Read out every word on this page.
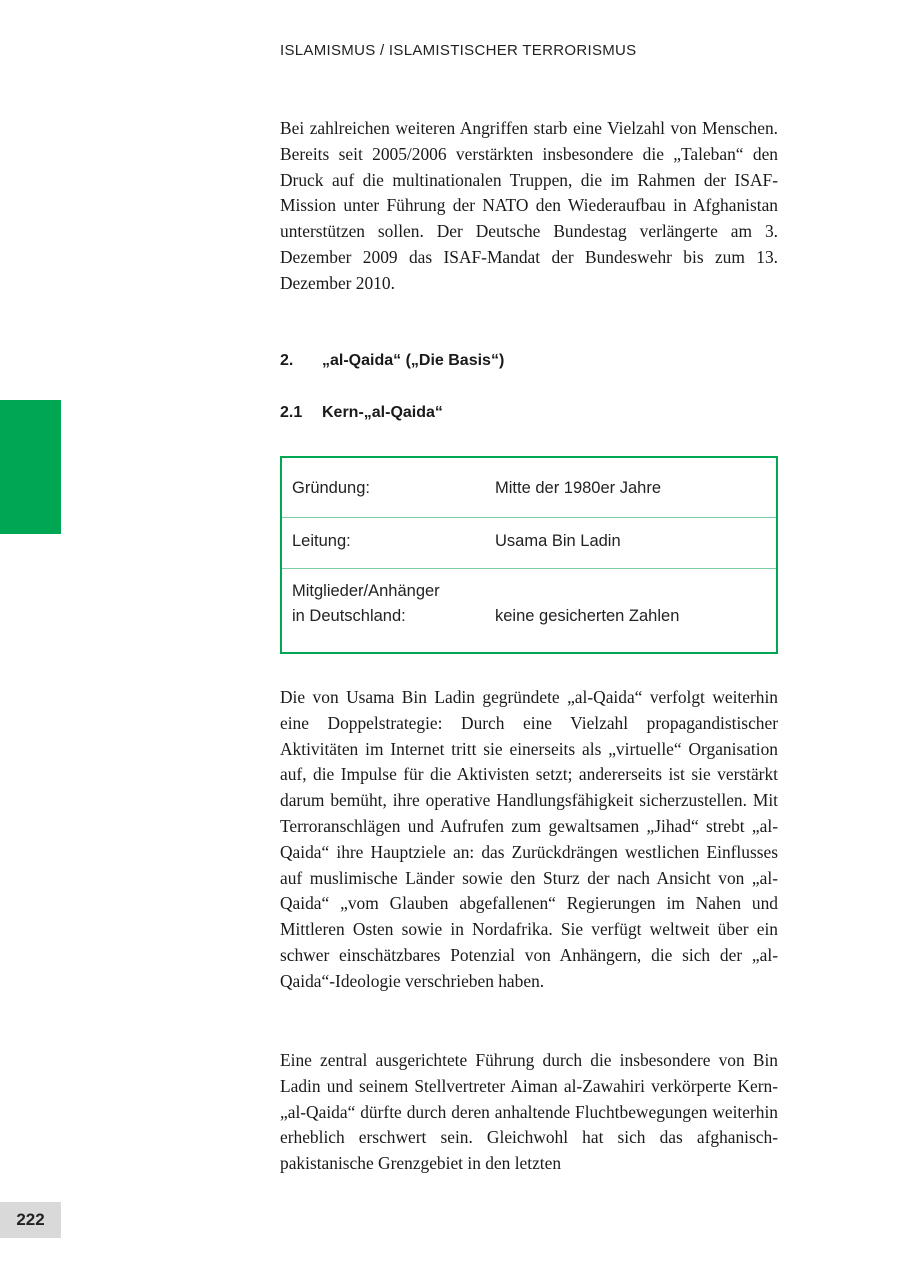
ISLAMISMUS / ISLAMISTISCHER TERRORISMUS

Bei zahlreichen weiteren Angriffen starb eine Vielzahl von Menschen. Bereits seit 2005/2006 verstärkten insbesondere die „Taleban“ den Druck auf die multinationalen Truppen, die im Rahmen der ISAF-Mission unter Führung der NATO den Wiederaufbau in Afghanistan unterstützen sollen. Der Deutsche Bundestag verlängerte am 3. Dezember 2009 das ISAF-Mandat der Bundeswehr bis zum 13. Dezember 2010.

2.	„al-Qaida“ („Die Basis“)
2.1	Kern-„al-Qaida“
Gründung:	Mitte der 1980er Jahre
Leitung:	Usama Bin Ladin
Mitglieder/Anhänger
in Deutschland:	keine gesicherten Zahlen

Die von Usama Bin Ladin gegründete „al-Qaida“ verfolgt weiterhin eine Doppelstrategie: Durch eine Vielzahl propagandistischer Aktivitäten im Internet tritt sie einerseits als „virtuelle“ Organisation auf, die Impulse für die Aktivisten setzt; andererseits ist sie verstärkt darum bemüht, ihre operative Handlungsfähigkeit sicherzustellen. Mit Terroranschlägen und Aufrufen zum gewaltsamen „Jihad“ strebt „al-Qaida“ ihre Hauptziele an: das Zurückdrängen westlichen Einflusses auf muslimische Länder sowie den Sturz der nach Ansicht von „al-Qaida“ „vom Glauben abgefallenen“ Regierungen im Nahen und Mittleren Osten sowie in Nordafrika. Sie verfügt weltweit über ein schwer einschätzbares Potenzial von Anhängern, die sich der „al-Qaida“-Ideologie verschrieben haben.

Eine zentral ausgerichtete Führung durch die insbesondere von Bin Ladin und seinem Stellvertreter Aiman al-Zawahiri verkörperte Kern-„al-Qaida“ dürfte durch deren anhaltende Fluchtbewegungen weiterhin erheblich erschwert sein. Gleichwohl hat sich das afghanisch-pakistanische Grenzgebiet in den letzten

222
